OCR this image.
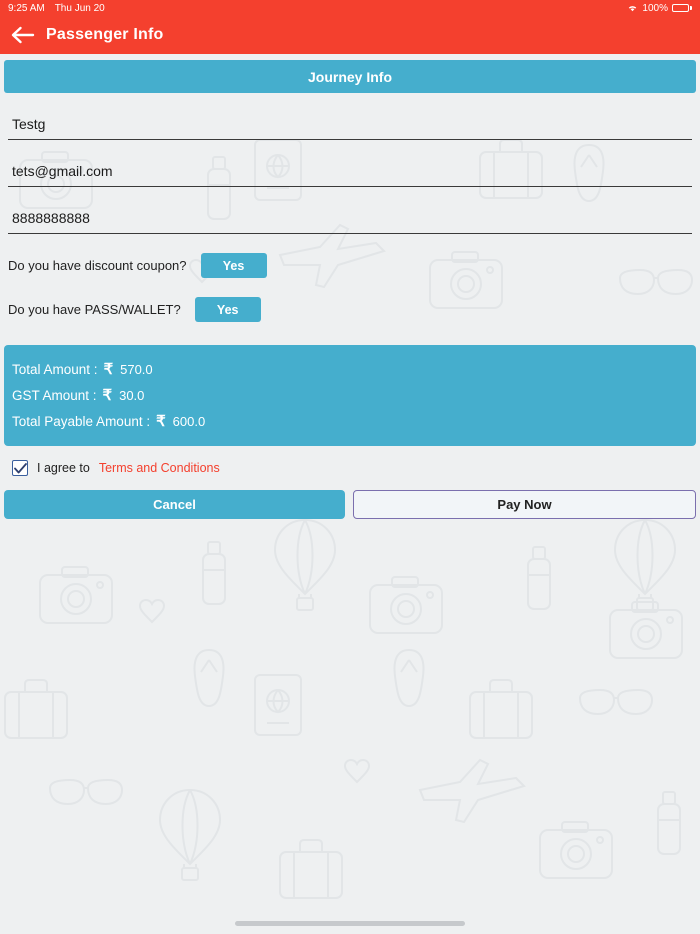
9:25 AM Thu Jun 20	100%
Passenger Info
Journey Info
Testg
tets@gmail.com
8888888888
Do you have discount coupon?	Yes
Do you have PASS/WALLET?	Yes
Total Amount : ₹ 570.0
GST Amount : ₹ 30.0
Total Payable Amount : ₹ 600.0
I agree to Terms and Conditions
Cancel	Pay Now
